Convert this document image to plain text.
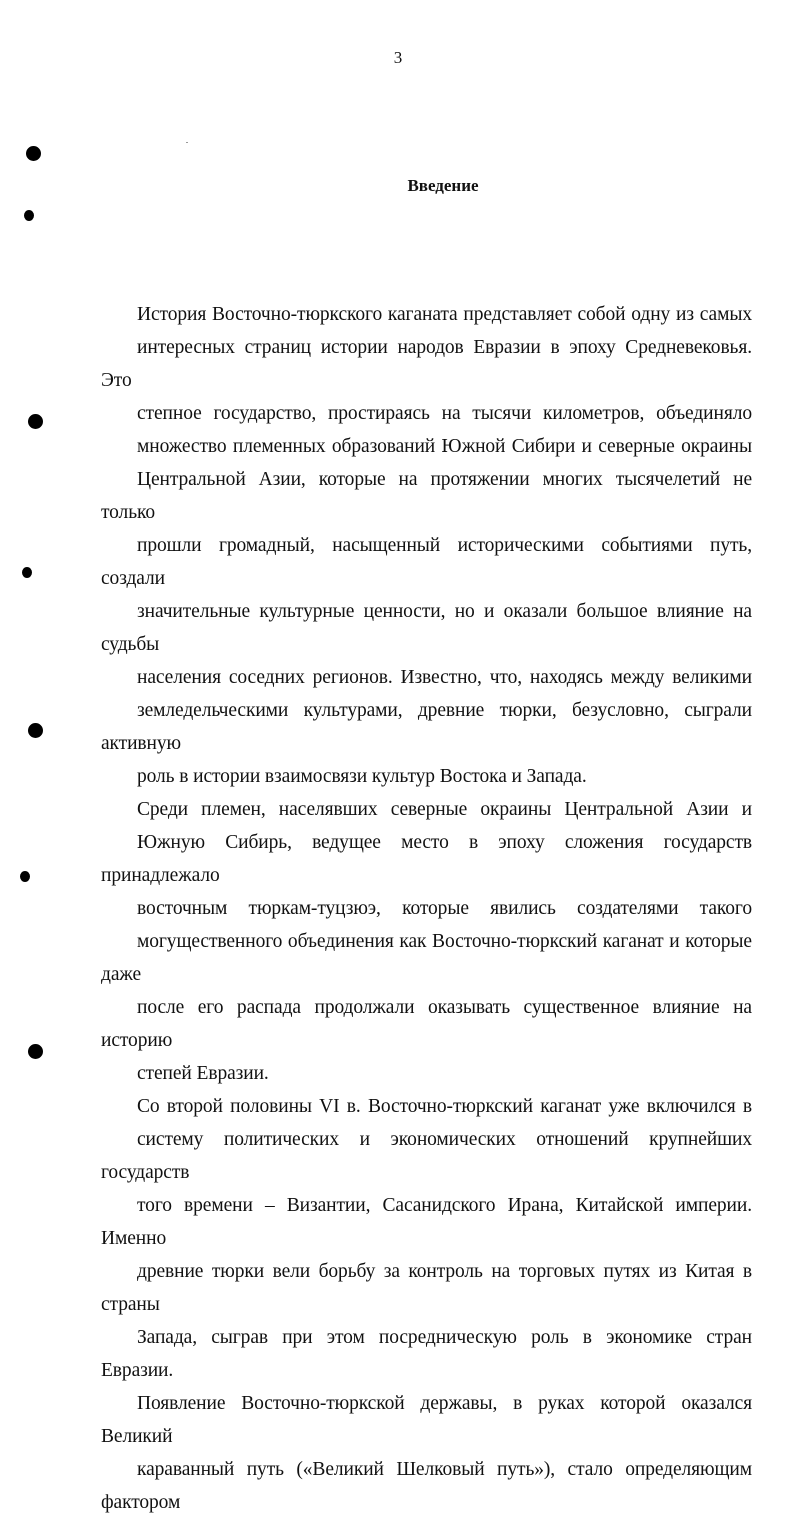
3
Введение

История Восточно-тюркского каганата представляет собой одну из самых
интересных страниц истории народов Евразии в эпоху Средневековья. Это
степное государство, простираясь на тысячи километров, объединяло
множество племенных образований Южной Сибири и северные окраины
Центральной Азии, которые на протяжении многих тысячелетий не только
прошли громадный, насыщенный историческими событиями путь, создали
значительные культурные ценности, но и оказали большое влияние на судьбы
населения соседних регионов. Известно, что, находясь между великими
земледельческими культурами, древние тюрки, безусловно, сыграли активную
роль в истории взаимосвязи культур Востока и Запада.

Среди племен, населявших северные окраины Центральной Азии и
Южную Сибирь, ведущее место в эпоху сложения государств принадлежало
восточным тюркам-туцзюэ, которые явились создателями такого
могущественного объединения как Восточно-тюркский каганат и которые даже
после его распада продолжали оказывать существенное влияние на историю
степей Евразии.

Со второй половины VI в. Восточно-тюркский каганат уже включился в
систему политических и экономических отношений крупнейших государств
того времени – Византии, Сасанидского Ирана, Китайской империи. Именно
древние тюрки вели борьбу за контроль на торговых путях из Китая в страны
Запада, сыграв при этом посредническую роль в экономике стран Евразии.
Появление Восточно-тюркской державы, в руках которой оказался Великий
караванный путь («Великий Шелковый путь»), стало определяющим фактором
